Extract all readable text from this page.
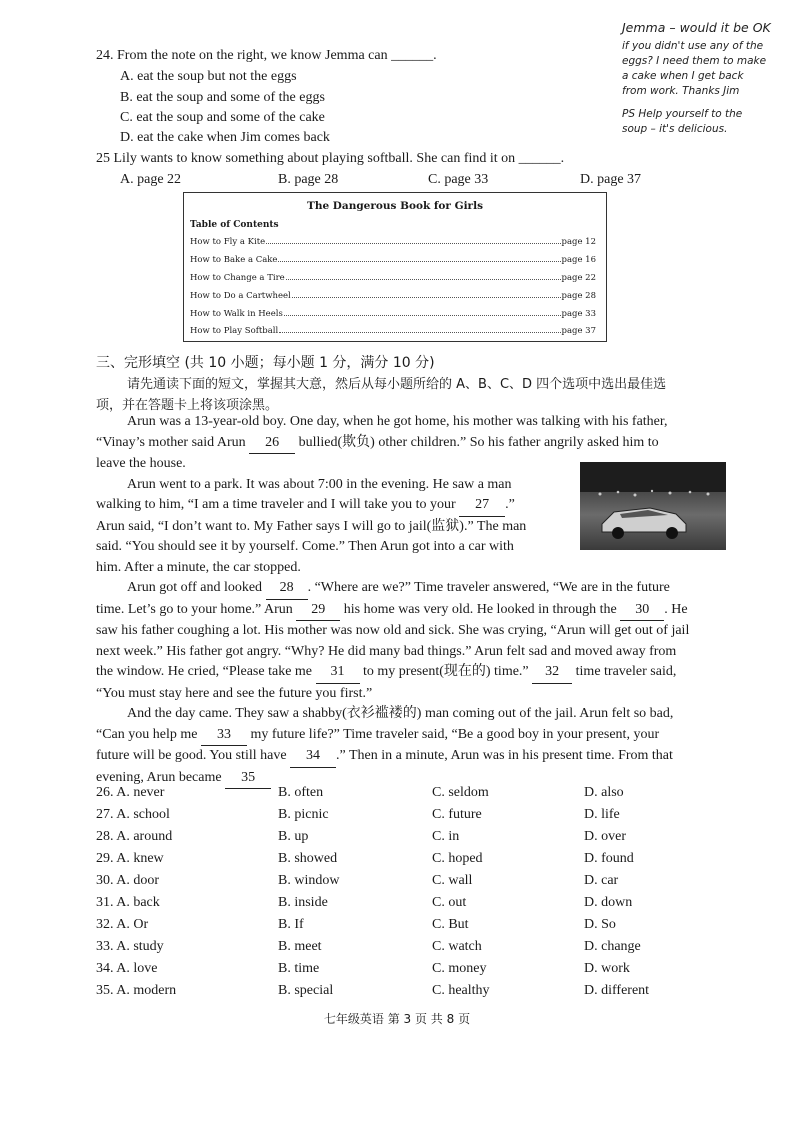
24. From the note on the right, we know Jemma can ______.
A. eat the soup but not the eggs
B. eat the soup and some of the eggs
C. eat the soup and some of the cake
D. eat the cake when Jim comes back
Jemma – would it be OK
if you didn't use any of the
eggs? I need them to make
a cake when I get back
from work. Thanks Jim
PS Help yourself to the
soup – it's delicious.
25 Lily wants to know something about playing softball. She can find it on ______.
A. page 22	B. page 28	C. page 33	D. page 37
The Dangerous Book for Girls
Table of Contents
How to Fly a Kite	page 12
How to Bake a Cake	page 16
How to Change a Tire	page 22
How to Do a Cartwheel	page 28
How to Walk in Heels	page 33
How to Play Softball	page 37
三、完形填空 (共 10 小题；每小题 1 分，满分 10 分)
请先通读下面的短文，掌握其大意，然后从每小题所给的 A、B、C、D 四个选项中选出最佳选
项，并在答题卡上将该项涂黑。
Arun was a 13-year-old boy. One day, when he got home, his mother was talking with his father,
“Vinay’s mother said Arun 26 bullied(欺负) other children.” So his father angrily asked him to
leave the house.
Arun went to a park. It was about 7:00 in the evening. He saw a man
walking to him, “I am a time traveler and I will take you to your 27 .”
Arun said, “I don’t want to. My Father says I will go to jail(监狱).” The man
said. “You should see it by yourself. Come.” Then Arun got into a car with
him. After a minute, the car stopped.
Arun got off and looked 28 . “Where are we?” Time traveler answered, “We are in the future
time. Let’s go to your home.” Arun 29 his home was very old. He looked in through the 30 . He
saw his father coughing a lot. His mother was now old and sick. She was crying, “Arun will get out of jail
next week.” His father got angry. “Why? He did many bad things.” Arun felt sad and moved away from
the window. He cried, “Please take me 31 to my present(现在的) time.” 32 time traveler said,
“You must stay here and see the future you first.”
And the day came. They saw a shabby(衣衫褴褛的) man coming out of the jail. Arun felt so bad,
“Can you help me 33 my future life?” Time traveler said, “Be a good boy in your present, your
future will be good. You still have 34 .” Then in a minute, Arun was in his present time. From that
evening, Arun became 35
26. A. never	B. often	C. seldom	D. also
27. A. school	B. picnic	C. future	D. life
28. A. around	B. up	C. in	D. over
29. A. knew	B. showed	C. hoped	D. found
30. A. door	B. window	C. wall	D. car
31. A. back	B. inside	C. out	D. down
32. A. Or	B. If	C. But	D. So
33. A. study	B. meet	C. watch	D. change
34. A. love	B. time	C. money	D. work
35. A. modern	B. special	C. healthy	D. different
七年级英语 第 3 页 共 8 页
